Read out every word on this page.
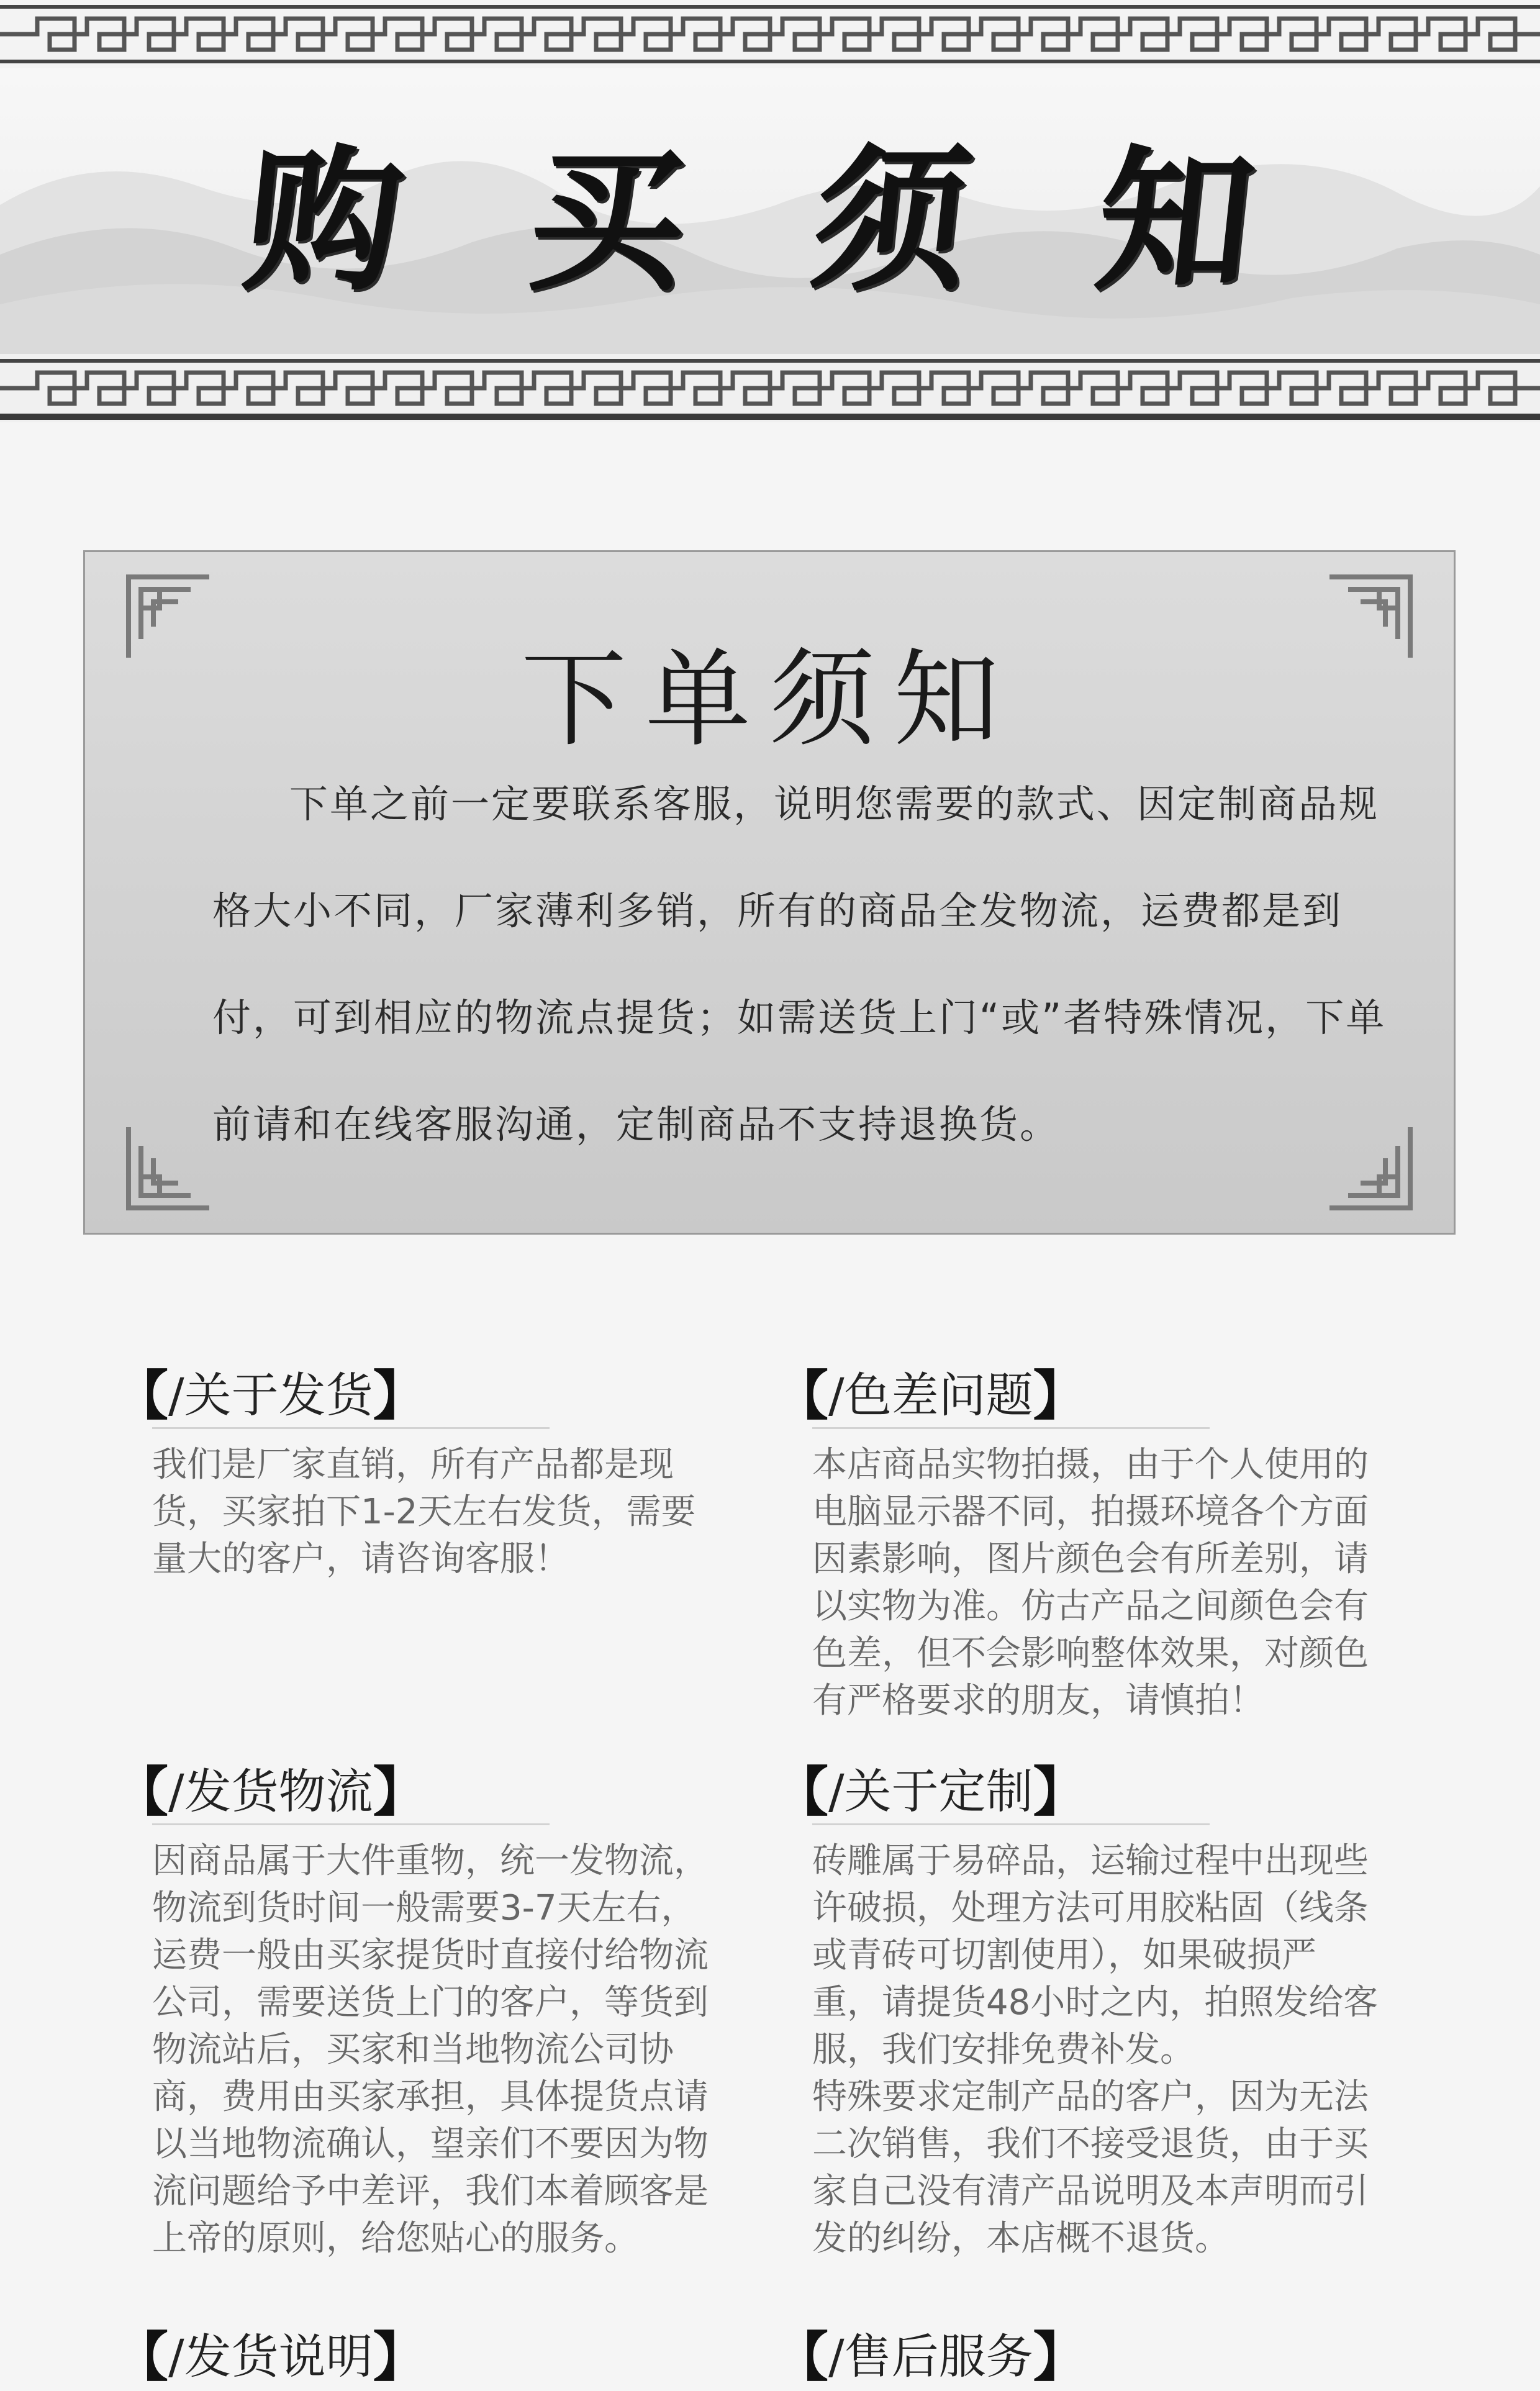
购 买 须 知
下单须知
下单之前一定要联系客服，说明您需要的款式、因定制商品规格大小不同，厂家薄利多销，所有的商品全发物流，运费都是到付，可到相应的物流点提货；如需送货上门“或”者特殊情况，下单前请和在线客服沟通，定制商品不支持退换货。
【 /关于发货 】
我们是厂家直销，所有产品都是现
货，买家拍下1-2天左右发货，需要
量大的客户，请咨询客服！
【 /色差问题 】
本店商品实物拍摄，由于个人使用的
电脑显示器不同，拍摄环境各个方面
因素影响，图片颜色会有所差别，请
以实物为准。仿古产品之间颜色会有
色差，但不会影响整体效果，对颜色
有严格要求的朋友，请慎拍！
【 /发货物流 】
因商品属于大件重物，统一发物流，
物流到货时间一般需要3-7天左右，
运费一般由买家提货时直接付给物流
公司，需要送货上门的客户，等货到
物流站后，买家和当地物流公司协
商，费用由买家承担，具体提货点请
以当地物流确认，望亲们不要因为物
流问题给予中差评，我们本着顾客是
上帝的原则，给您贴心的服务。
【 /关于定制 】
砖雕属于易碎品，运输过程中出现些
许破损，处理方法可用胶粘固（线条
或青砖可切割使用），如果破损严
重，请提货48小时之内，拍照发给客
服，我们安排免费补发。
特殊要求定制产品的客户，因为无法
二次销售，我们不接受退货，由于买
家自己没有清产品说明及本声明而引
发的纠纷，本店概不退货。
【 /发货说明 】	【 /售后服务 】
